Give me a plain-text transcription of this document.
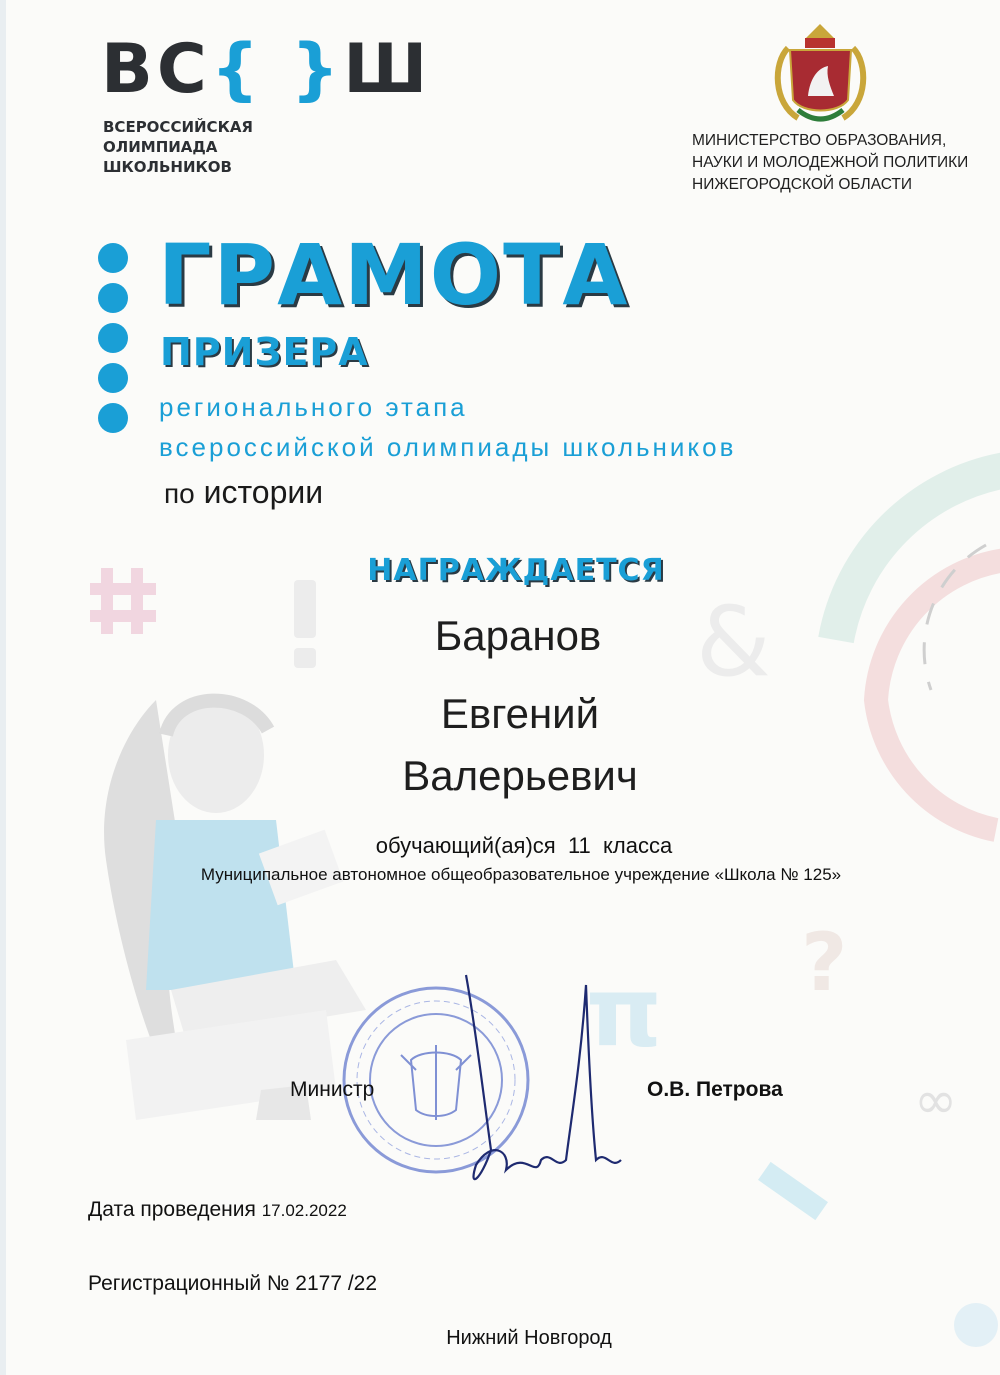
&
?
π
∞
ВС{ }Ш
ВСЕРОССИЙСКАЯ
ОЛИМПИАДА
ШКОЛЬНИКОВ
МИНИСТЕРСТВО ОБРАЗОВАНИЯ,
НАУКИ И МОЛОДЕЖНОЙ ПОЛИТИКИ
НИЖЕГОРОДСКОЙ ОБЛАСТИ
ГРАМОТА
ПРИЗЕРА
регионального этапа
всероссийской олимпиады школьников
по истории
НАГРАЖДАЕТСЯ
Баранов
Евгений
Валерьевич
обучающий(ая)ся 11 класса
Муниципальное автономное общеобразовательное учреждение «Школа № 125»
Министр	О.В. Петрова
Дата проведения 17.02.2022
Регистрационный № 2177 /22
Нижний Новгород
